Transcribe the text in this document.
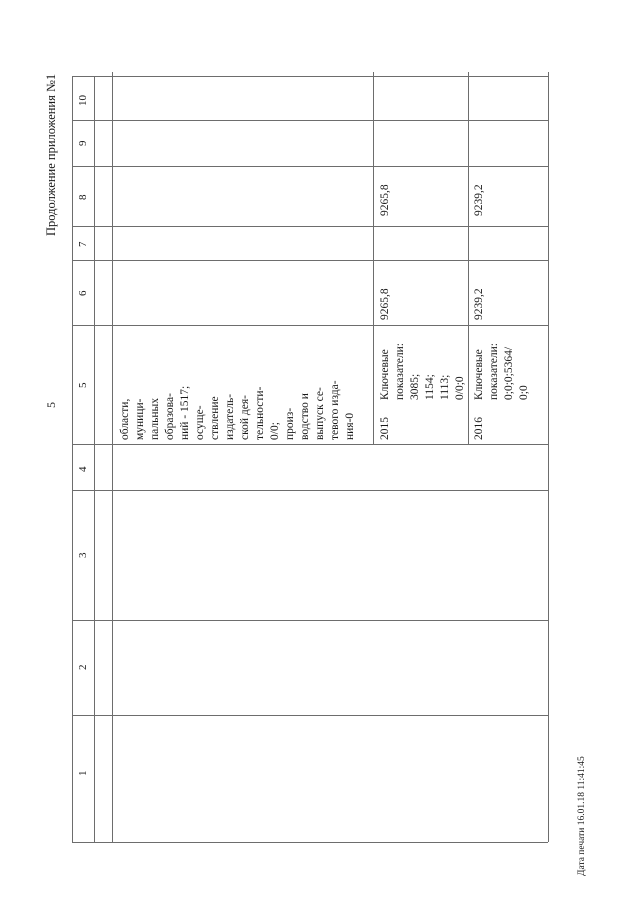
5
Продолжение приложения №1
1
2
3
4
5
6
7
8
9
10
области, муници- пальных образова- ний - 1517; осуще- ствление издатель- ской дея- тельности- 0/0; произ- водство и выпуск се- тевого изда- ния-0 2015
Ключевые показатели: 3085; 1154; 1113; 0/0;0
9265,8
9265,8
2016
Ключевые показатели: 0;0;0;5364/ 0;0
9239,2
9239,2
Дата печати 16.01.18 11:41:45
